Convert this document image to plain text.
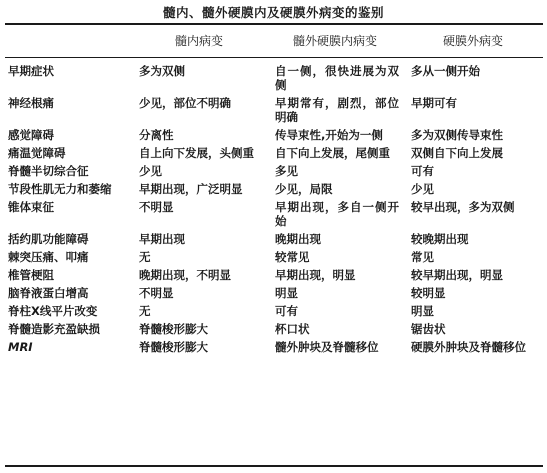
髓内、髓外硬膜内及硬膜外病变的鉴别
	髓内病变	髓外硬膜内病变	硬膜外病变
早期症状	多为双侧	自一侧，很快进展为双侧	多从一侧开始
神经根痛	少见，部位不明确	早期常有，剧烈，部位明确	早期可有
感觉障碍	分离性	传导束性,开始为一侧	多为双侧传导束性
痛温觉障碍	自上向下发展，头侧重	自下向上发展，尾侧重	双侧自下向上发展
脊髓半切综合征	少见	多见	可有
节段性肌无力和萎缩	早期出现，广泛明显	少见，局限	少见
锥体束征	不明显	早期出现，多自一侧开始	较早出现，多为双侧
括约肌功能障碍	早期出现	晚期出现	较晚期出现
棘突压痛、叩痛	无	较常见	常见
椎管梗阻	晚期出现，不明显	早期出现，明显	较早期出现，明显
脑脊液蛋白增高	不明显	明显	较明显
脊柱X线平片改变	无	可有	明显
脊髓造影充盈缺损	脊髓梭形膨大	杯口状	锯齿状
MRI	脊髓梭形膨大	髓外肿块及脊髓移位	硬膜外肿块及脊髓移位
